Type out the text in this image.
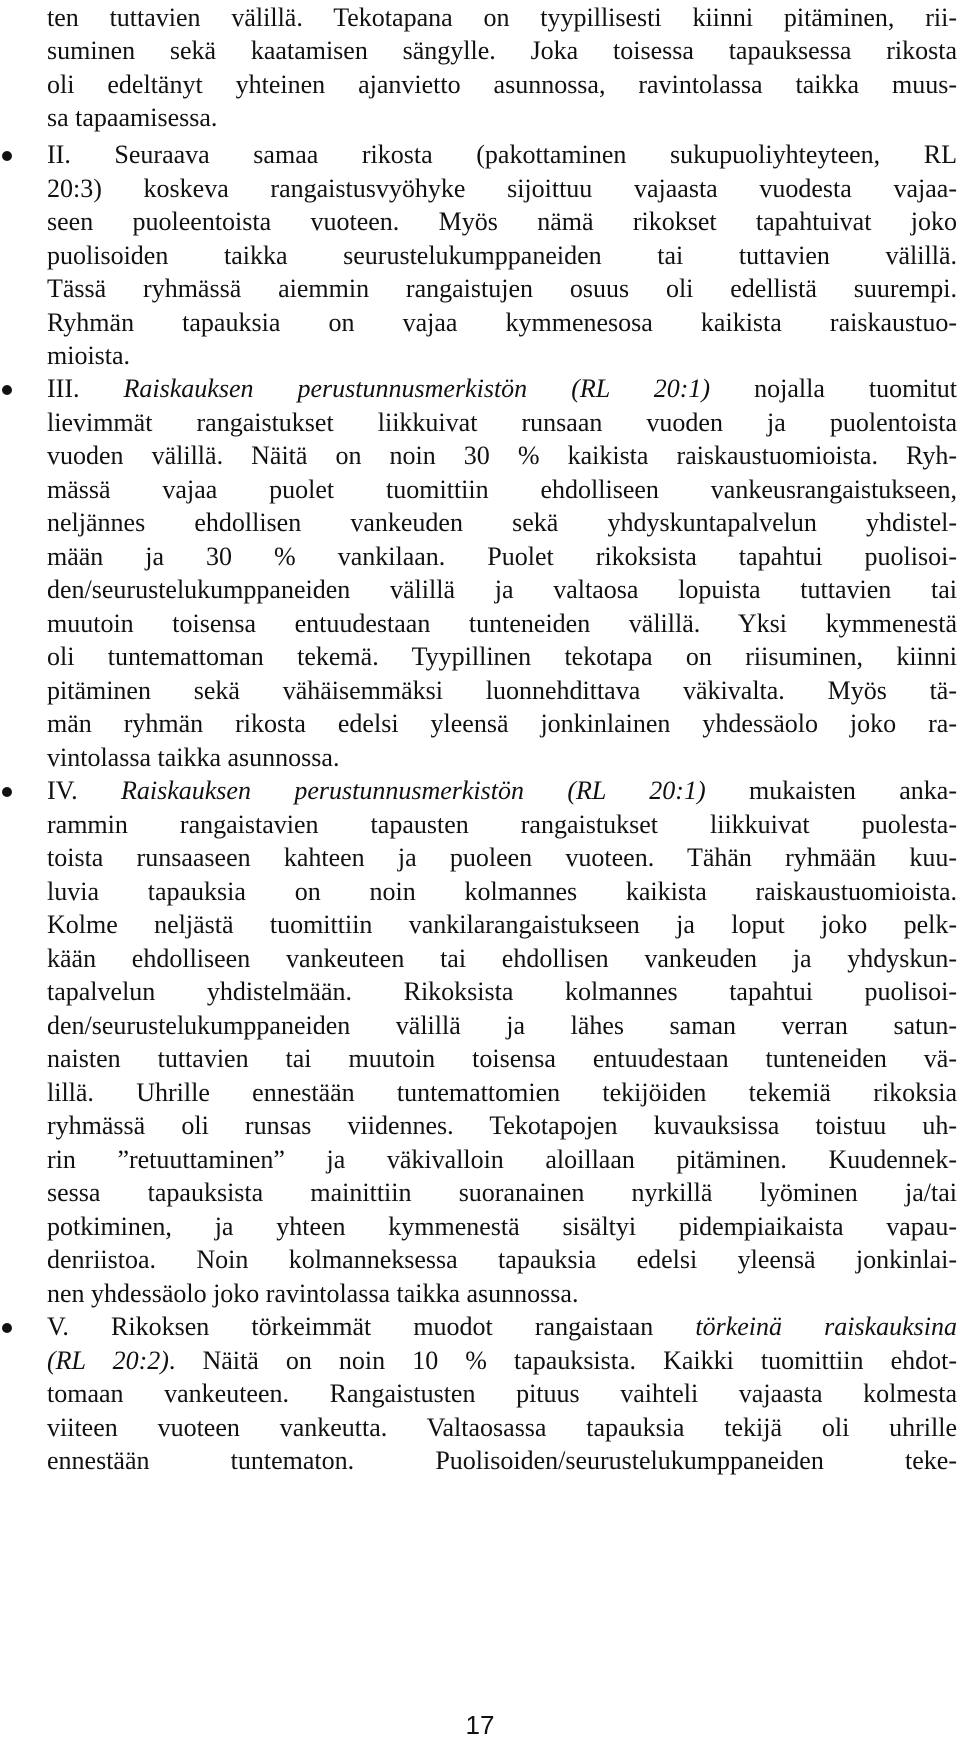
ten tuttavien välillä. Tekotapana on tyypillisesti kiinni pitäminen, rii-
suminen sekä kaatamisen sängylle. Joka toisessa tapauksessa rikosta
oli edeltänyt yhteinen ajanvietto asunnossa, ravintolassa taikka muus-
sa tapaamisessa.
II. Seuraava samaa rikosta (pakottaminen sukupuoliyhteyteen, RL
20:3) koskeva rangaistusvyöhyke sijoittuu vajaasta vuodesta vajaa-
seen puoleentoista vuoteen. Myös nämä rikokset tapahtuivat joko
puolisoiden taikka seurustelukumppaneiden tai tuttavien välillä.
Tässä ryhmässä aiemmin rangaistujen osuus oli edellistä suurempi.
Ryhmän tapauksia on vajaa kymmenesosa kaikista raiskaustuo-
mioista.
III. Raiskauksen perustunnusmerkistön (RL 20:1) nojalla tuomitut
lievimmät rangaistukset liikkuivat runsaan vuoden ja puolentoista
vuoden välillä. Näitä on noin 30 % kaikista raiskaustuomioista. Ryh-
mässä vajaa puolet tuomittiin ehdolliseen vankeusrangaistukseen,
neljännes ehdollisen vankeuden sekä yhdyskuntapalvelun yhdistel-
mään ja 30 % vankilaan. Puolet rikoksista tapahtui puolisoi-
den/seurustelukumppaneiden välillä ja valtaosa lopuista tuttavien tai
muutoin toisensa entuudestaan tunteneiden välillä. Yksi kymmenestä
oli tuntemattoman tekemä. Tyypillinen tekotapa on riisuminen, kiinni
pitäminen sekä vähäisemmäksi luonnehdittava väkivalta. Myös tä-
män ryhmän rikosta edelsi yleensä jonkinlainen yhdessäolo joko ra-
vintolassa taikka asunnossa.
IV. Raiskauksen perustunnusmerkistön (RL 20:1) mukaisten anka-
rammin rangaistavien tapausten rangaistukset liikkuivat puolesta-
toista runsaaseen kahteen ja puoleen vuoteen. Tähän ryhmään kuu-
luvia tapauksia on noin kolmannes kaikista raiskaustuomioista.
Kolme neljästä tuomittiin vankilarangaistukseen ja loput joko pelk-
kään ehdolliseen vankeuteen tai ehdollisen vankeuden ja yhdyskun-
tapalvelun yhdistelmään. Rikoksista kolmannes tapahtui puolisoi-
den/seurustelukumppaneiden välillä ja lähes saman verran satun-
naisten tuttavien tai muutoin toisensa entuudestaan tunteneiden vä-
lillä. Uhrille ennestään tuntemattomien tekijöiden tekemiä rikoksia
ryhmässä oli runsas viidennes. Tekotapojen kuvauksissa toistuu uh-
rin ”retuuttaminen” ja väkivalloin aloillaan pitäminen. Kuudennek-
sessa tapauksista mainittiin suoranainen nyrkillä lyöminen ja/tai
potkiminen, ja yhteen kymmenestä sisältyi pidempiaikaista vapau-
denriistoa. Noin kolmanneksessa tapauksia edelsi yleensä jonkinlai-
nen yhdessäolo joko ravintolassa taikka asunnossa.
V. Rikoksen törkeimmät muodot rangaistaan törkeinä raiskauksina
(RL 20:2). Näitä on noin 10 % tapauksista. Kaikki tuomittiin ehdot-
tomaan vankeuteen. Rangaistusten pituus vaihteli vajaasta kolmesta
viiteen vuoteen vankeutta. Valtaosassa tapauksia tekijä oli uhrille
ennestään tuntematon. Puolisoiden/seurustelukumppaneiden teke-
17
